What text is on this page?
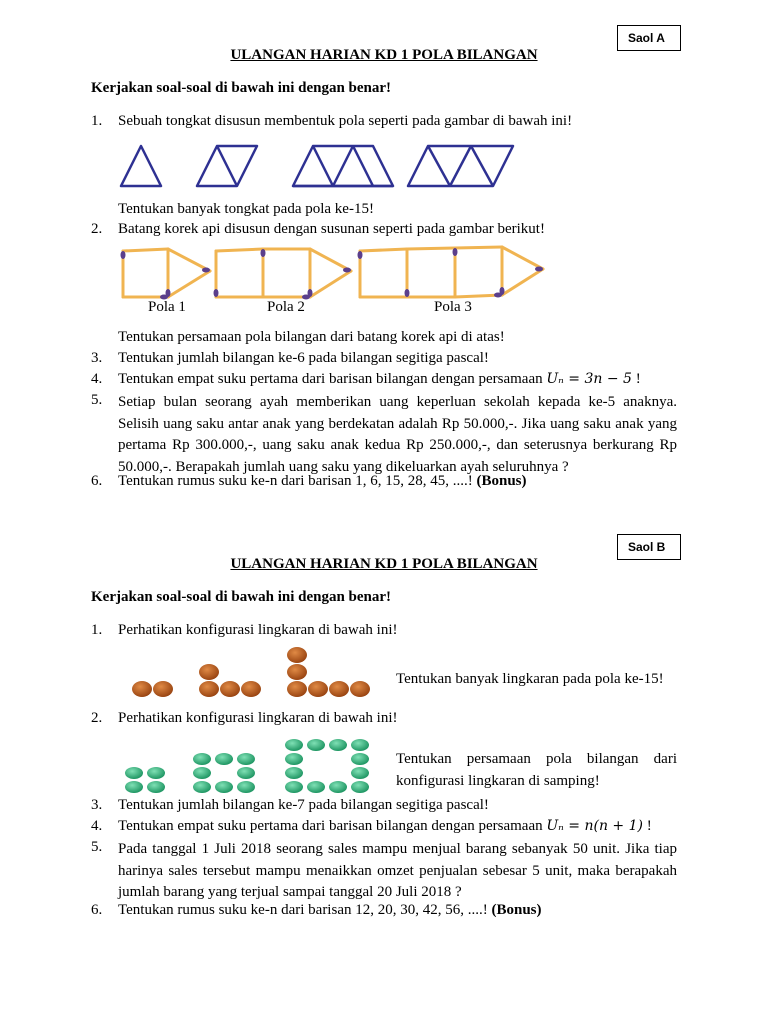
Saol A
ULANGAN HARIAN KD 1 POLA BILANGAN
Kerjakan soal-soal di bawah ini dengan benar!
1. Sebuah tongkat disusun membentuk pola seperti pada gambar di bawah ini!
Tentukan banyak tongkat pada pola ke-15!
2. Batang korek api disusun dengan susunan seperti pada gambar berikut!
Pola 1	Pola 2	Pola 3
Tentukan persamaan pola bilangan dari batang korek api di atas!
3. Tentukan jumlah bilangan ke-6 pada bilangan segitiga pascal!
4. Tentukan empat suku pertama dari barisan bilangan dengan persamaan Uₙ = 3n − 5 !
5. Setiap bulan seorang ayah memberikan uang keperluan sekolah kepada ke-5 anaknya. Selisih uang saku antar anak yang berdekatan adalah Rp 50.000,-. Jika uang saku anak yang pertama Rp 300.000,-, uang saku anak kedua Rp 250.000,-, dan seterusnya berkurang Rp 50.000,-. Berapakah jumlah uang saku yang dikeluarkan ayah seluruhnya ?
6. Tentukan rumus suku ke-n dari barisan 1, 6, 15, 28, 45, ....! (Bonus)
Saol B
ULANGAN HARIAN KD 1 POLA BILANGAN
Kerjakan soal-soal di bawah ini dengan benar!
1. Perhatikan konfigurasi lingkaran di bawah ini!
Tentukan banyak lingkaran pada pola ke-15!
2. Perhatikan konfigurasi lingkaran di bawah ini!
Tentukan persamaan pola bilangan dari konfigurasi lingkaran di samping!
3. Tentukan jumlah bilangan ke-7 pada bilangan segitiga pascal!
4. Tentukan empat suku pertama dari barisan bilangan dengan persamaan Uₙ = n(n + 1) !
5. Pada tanggal 1 Juli 2018 seorang sales mampu menjual barang sebanyak 50 unit. Jika tiap harinya sales tersebut mampu menaikkan omzet penjualan sebesar 5 unit, maka berapakah jumlah barang yang terjual sampai tanggal 20 Juli 2018 ?
6. Tentukan rumus suku ke-n dari barisan 12, 20, 30, 42, 56, ....! (Bonus)
